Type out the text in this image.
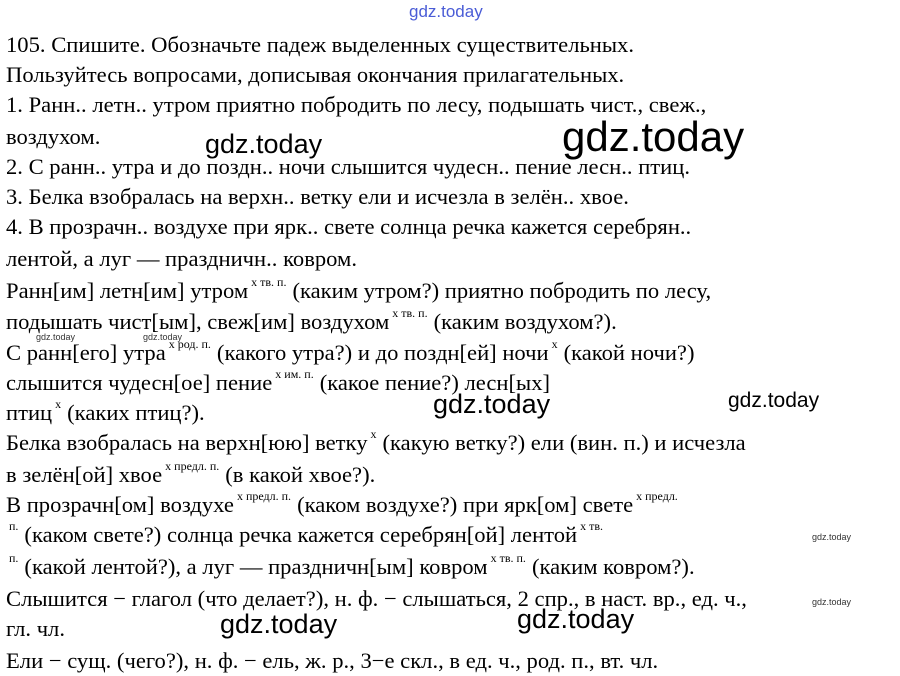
gdz.today
105. Спишите. Обозначьте падеж выделенных существительных.
Пользуйтесь вопросами, дописывая окончания прилагательных.
1. Ранн.. летн.. утром приятно побродить по лесу, подышать чист., свеж.,
воздухом.
2. С ранн.. утра и до поздн.. ночи слышится чудесн.. пение лесн.. птиц.
3. Белка взобралась на верхн.. ветку ели и исчезла в зелён.. хвое.
4. В прозрачн.. воздухе при ярк.. свете солнца речка кажется серебрян..
лентой, а луг — праздничн.. ковром.
Ранн[им] летн[им] утром $^{x тв. п.}$ (каким утром?) приятно побродить по лесу,
подышать чист[ым], свеж[им] воздухом $^{x тв. п.}$ (каким воздухом?).
С ранн[его] утра $^{x род. п.}$ (какого утра?) и до поздн[ей] ночи $^x$ (какой ночи?)
слышится чудесн[ое] пение $^{x им. п.}$ (какое пение?) лесн[ых]
птиц $^x$ (каких птиц?).
Белка взобралась на верхн[юю] ветку $^x$ (какую ветку?) ели (вин. п.) и исчезла
в зелён[ой] хвое $^{x предл. п.}$ (в какой хвое?).
В прозрачн[ом] воздухе $^{x предл. п.}$ (каком воздухе?) при ярк[ом] свете $^{x предл.}$
$^{п.}$ (каком свете?) солнца речка кажется серебрян[ой] лентой $^{x тв.}$
$^{п.}$ (какой лентой?), а луг — праздничн[ым] ковром $^{x тв. п.}$ (каким ковром?).
Слышится − глагол (что делает?), н. ф. − слышаться, 2 спр., в наст. вр., ед. ч.,
гл. чл.
Ели − сущ. (чего?), н. ф. − ель, ж. р., 3−е скл., в ед. ч., род. п., вт. чл.
gdz.today	gdz.today
gdz.today	gdz.today
gdz.today	gdz.today
gdz.today
gdz.today
gdz.today	gdz.today
